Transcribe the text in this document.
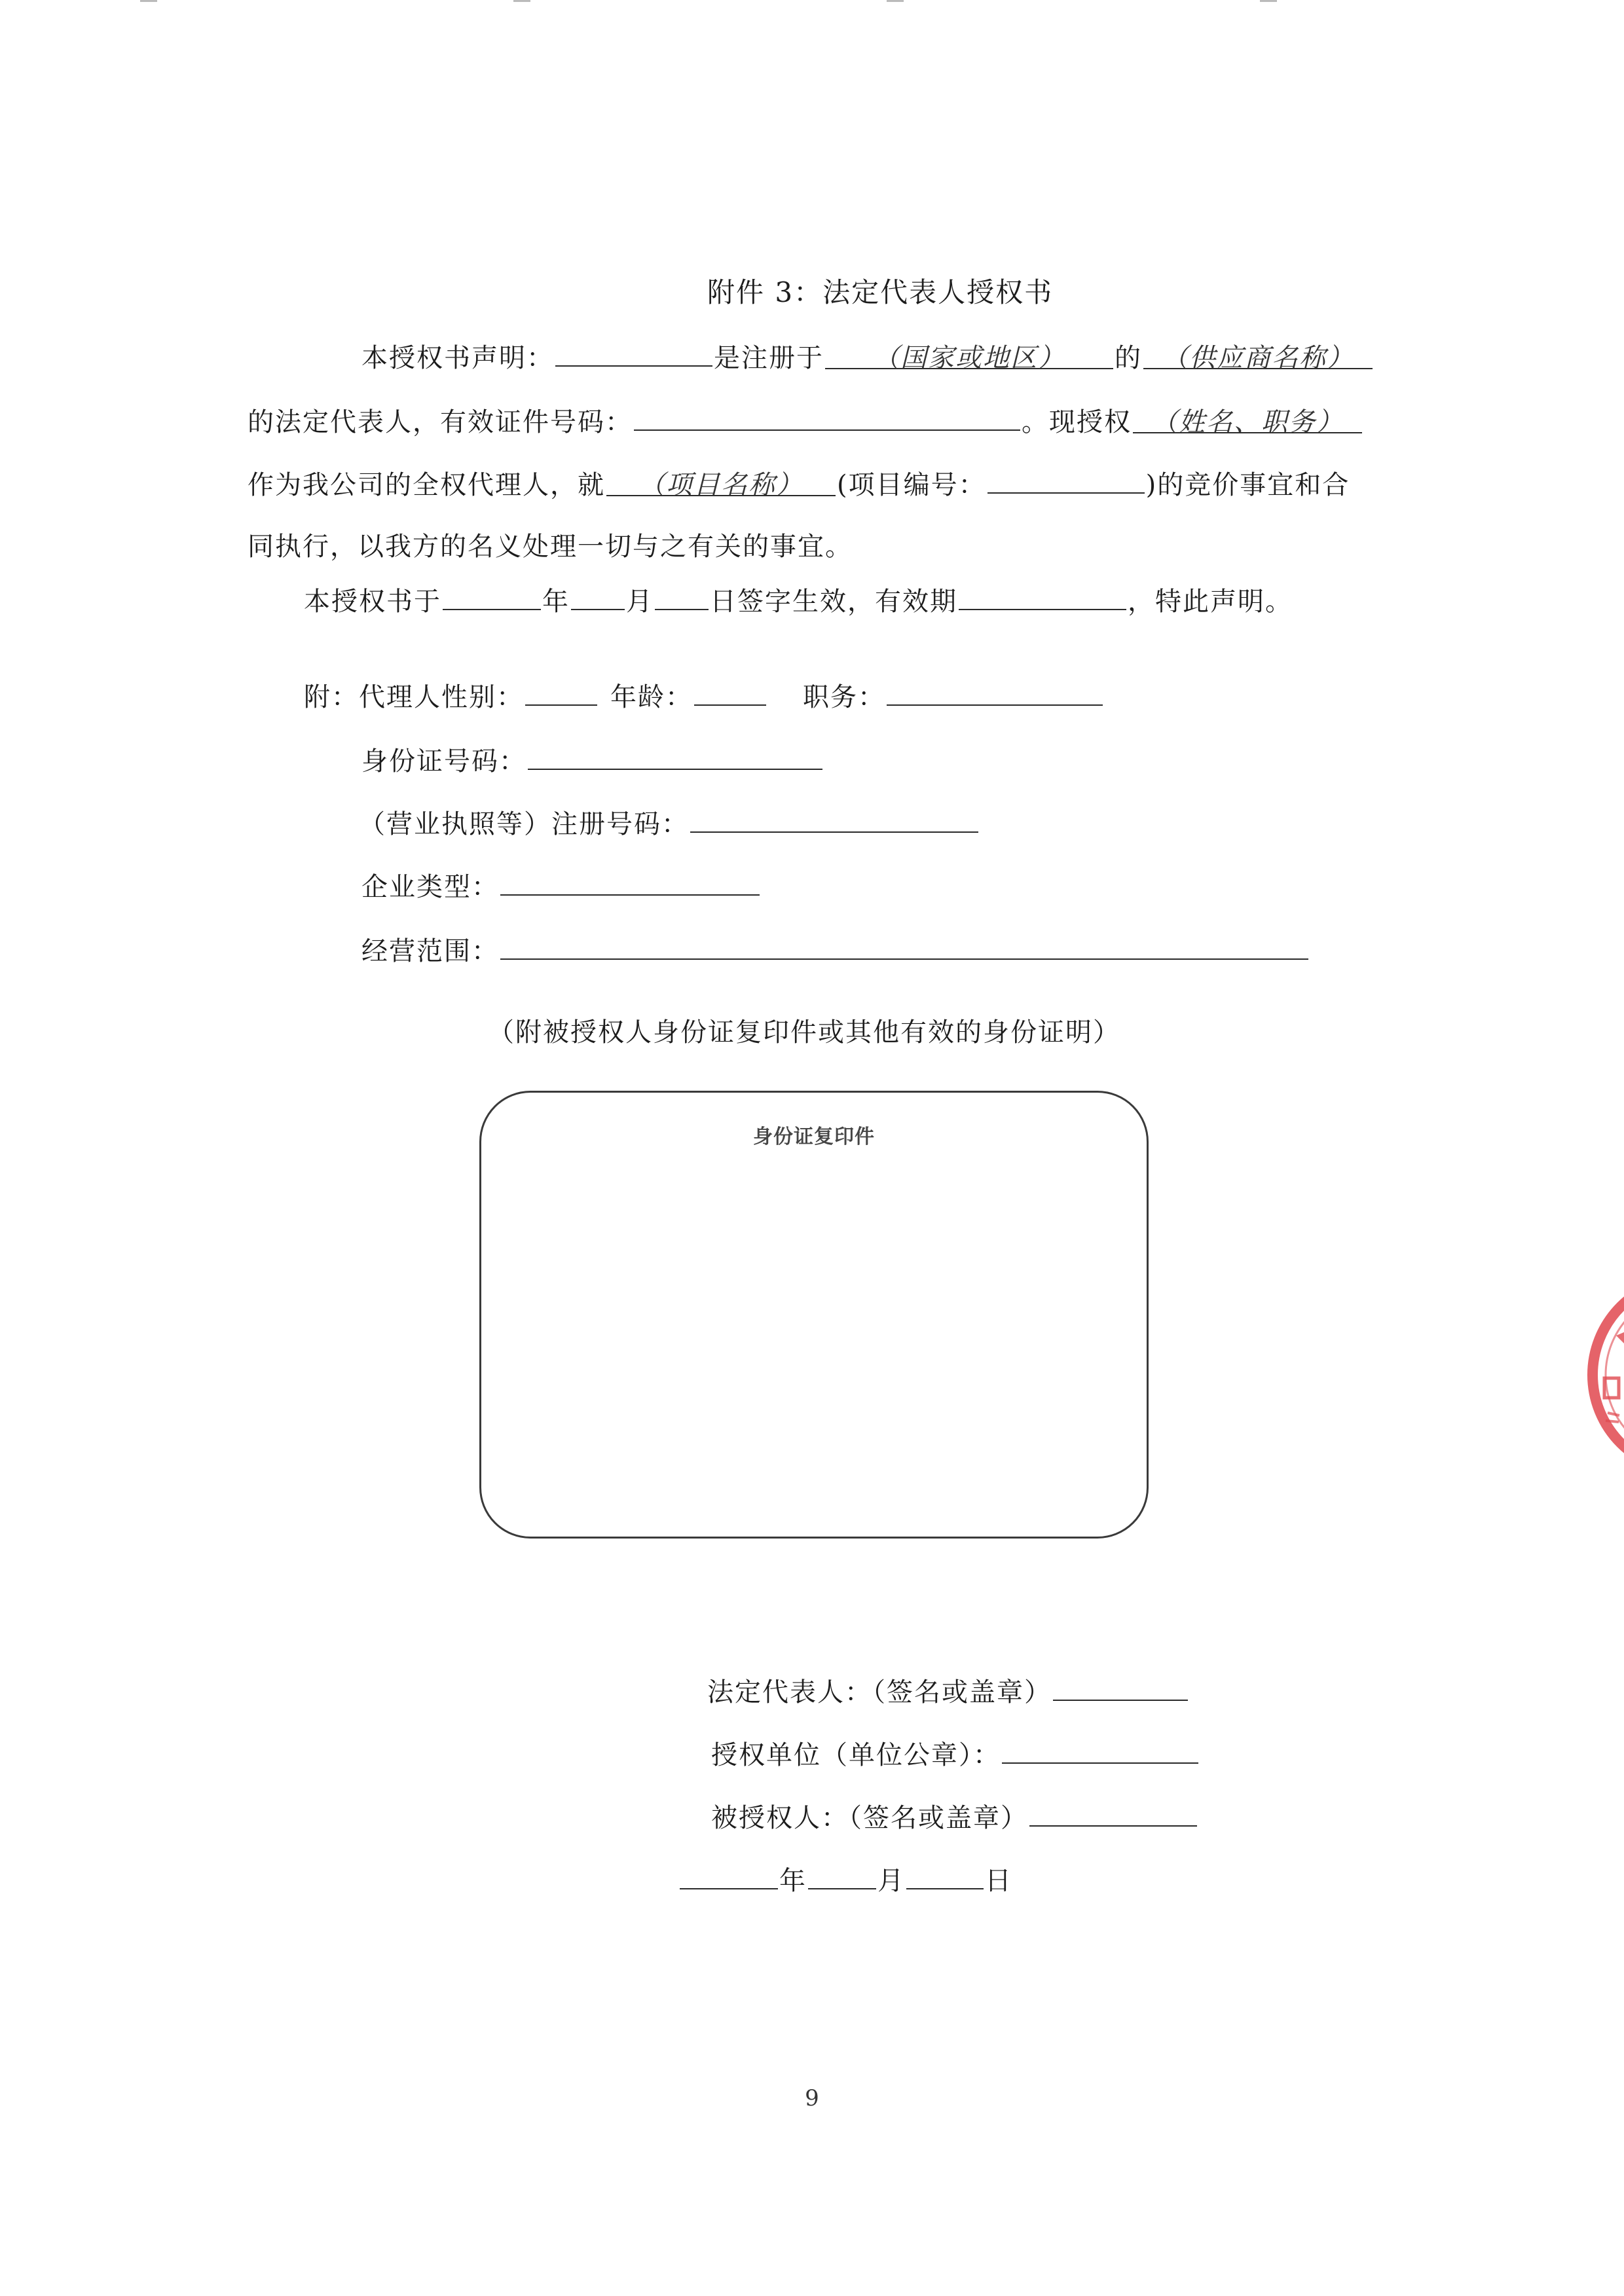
附件 3：法定代表人授权书
本授权书声明：	是注册于 （国家或地区） 的 （供应商名称）
的法定代表人，有效证件号码：	。现授权 （姓名、职务）
作为我公司的全权代理人，就 （项目名称） (项目编号：	)的竞价事宜和合
同执行，以我方的名义处理一切与之有关的事宜。
本授权书于	年 月 日签字生效，有效期	，特此声明。
附：代理人性别：	年龄：	职务：
身份证号码：
（营业执照等）注册号码：
企业类型：
经营范围：
（附被授权人身份证复印件或其他有效的身份证明）
身份证复印件
法定代表人：（签名或盖章）
授权单位（单位公章）：
被授权人：（签名或盖章）
年	月	日
9
